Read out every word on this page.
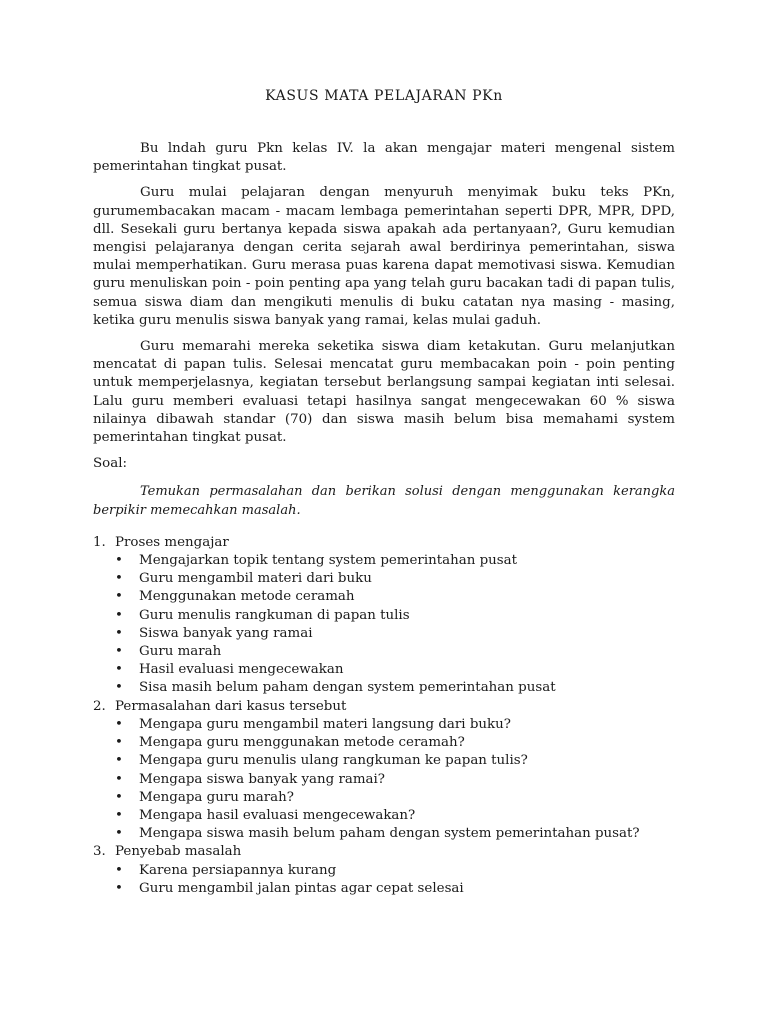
KASUS MATA PELAJARAN PKn

Bu lndah guru Pkn kelas IV. la akan mengajar materi mengenal sistem pemerintahan tingkat pusat.

Guru mulai pelajaran dengan menyuruh menyimak buku teks PKn, gurumembacakan macam - macam lembaga pemerintahan seperti DPR, MPR, DPD, dll. Sesekali guru bertanya kepada siswa apakah ada pertanyaan?, Guru kemudian mengisi pelajaranya dengan cerita sejarah awal berdirinya pemerintahan, siswa mulai memperhatikan. Guru merasa puas karena dapat memotivasi siswa. Kemudian guru menuliskan poin - poin penting apa yang telah guru bacakan tadi di papan tulis, semua siswa diam dan mengikuti menulis di buku catatan nya masing - masing, ketika guru menulis siswa banyak yang ramai, kelas mulai gaduh.

Guru memarahi mereka seketika siswa diam ketakutan. Guru melanjutkan mencatat di papan tulis. Selesai mencatat guru membacakan poin - poin penting untuk memperjelasnya, kegiatan tersebut berlangsung sampai kegiatan inti selesai. Lalu guru memberi evaluasi tetapi hasilnya sangat mengecewakan 60 % siswa nilainya dibawah standar (70) dan siswa masih belum bisa memahami system pemerintahan tingkat pusat.

Soal:

Temukan permasalahan dan berikan solusi dengan menggunakan kerangka berpikir memecahkan masalah.

1. Proses mengajar
• Mengajarkan topik tentang system pemerintahan pusat
• Guru mengambil materi dari buku
• Menggunakan metode ceramah
• Guru menulis rangkuman di papan tulis
• Siswa banyak yang ramai
• Guru marah
• Hasil evaluasi mengecewakan
• Sisa masih belum paham dengan system pemerintahan pusat
2. Permasalahan dari kasus tersebut
• Mengapa guru mengambil materi langsung dari buku?
• Mengapa guru menggunakan metode ceramah?
• Mengapa guru menulis ulang rangkuman ke papan tulis?
• Mengapa siswa banyak yang ramai?
• Mengapa guru marah?
• Mengapa hasil evaluasi mengecewakan?
• Mengapa siswa masih belum paham dengan system pemerintahan pusat?
3. Penyebab masalah
• Karena persiapannya kurang
• Guru mengambil jalan pintas agar cepat selesai
